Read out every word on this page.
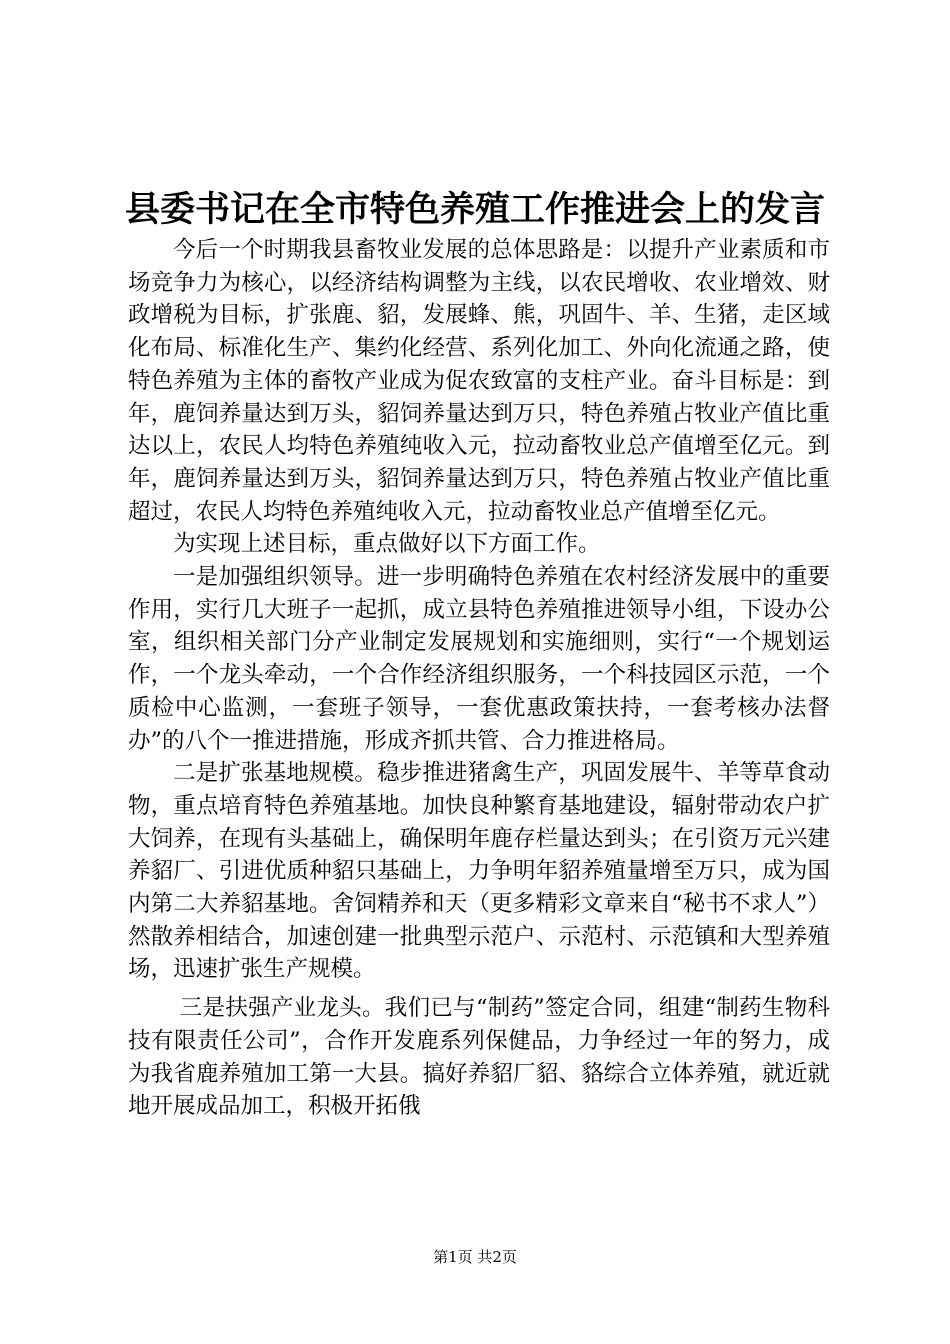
县委书记在全市特色养殖工作推进会上的发言

今后一个时期我县畜牧业发展的总体思路是：以提升产业素质和市场竞争力为核心，以经济结构调整为主线，以农民增收、农业增效、财政增税为目标，扩张鹿、貂，发展蜂、熊，巩固牛、羊、生猪，走区域化布局、标准化生产、集约化经营、系列化加工、外向化流通之路，使特色养殖为主体的畜牧产业成为促农致富的支柱产业。奋斗目标是：到年，鹿饲养量达到万头，貂饲养量达到万只，特色养殖占牧业产值比重达以上，农民人均特色养殖纯收入元，拉动畜牧业总产值增至亿元。到年，鹿饲养量达到万头，貂饲养量达到万只，特色养殖占牧业产值比重超过，农民人均特色养殖纯收入元，拉动畜牧业总产值增至亿元。

为实现上述目标，重点做好以下方面工作。

一是加强组织领导。进一步明确特色养殖在农村经济发展中的重要作用，实行几大班子一起抓，成立县特色养殖推进领导小组，下设办公室，组织相关部门分产业制定发展规划和实施细则，实行“一个规划运作，一个龙头牵动，一个合作经济组织服务，一个科技园区示范，一个质检中心监测，一套班子领导，一套优惠政策扶持，一套考核办法督办”的八个一推进措施，形成齐抓共管、合力推进格局。

二是扩张基地规模。稳步推进猪禽生产，巩固发展牛、羊等草食动物，重点培育特色养殖基地。加快良种繁育基地建设，辐射带动农户扩大饲养，在现有头基础上，确保明年鹿存栏量达到头；在引资万元兴建养貂厂、引进优质种貂只基础上，力争明年貂养殖量增至万只，成为国内第二大养貂基地。舍饲精养和天（更多精彩文章来自“秘书不求人”）然散养相结合，加速创建一批典型示范户、示范村、示范镇和大型养殖场，迅速扩张生产规模。

三是扶强产业龙头。我们已与“制药”签定合同，组建“制药生物科技有限责任公司”，合作开发鹿系列保健品，力争经过一年的努力，成为我省鹿养殖加工第一大县。搞好养貂厂貂、貉综合立体养殖，就近就地开展成品加工，积极开拓俄

第1页 共2页
